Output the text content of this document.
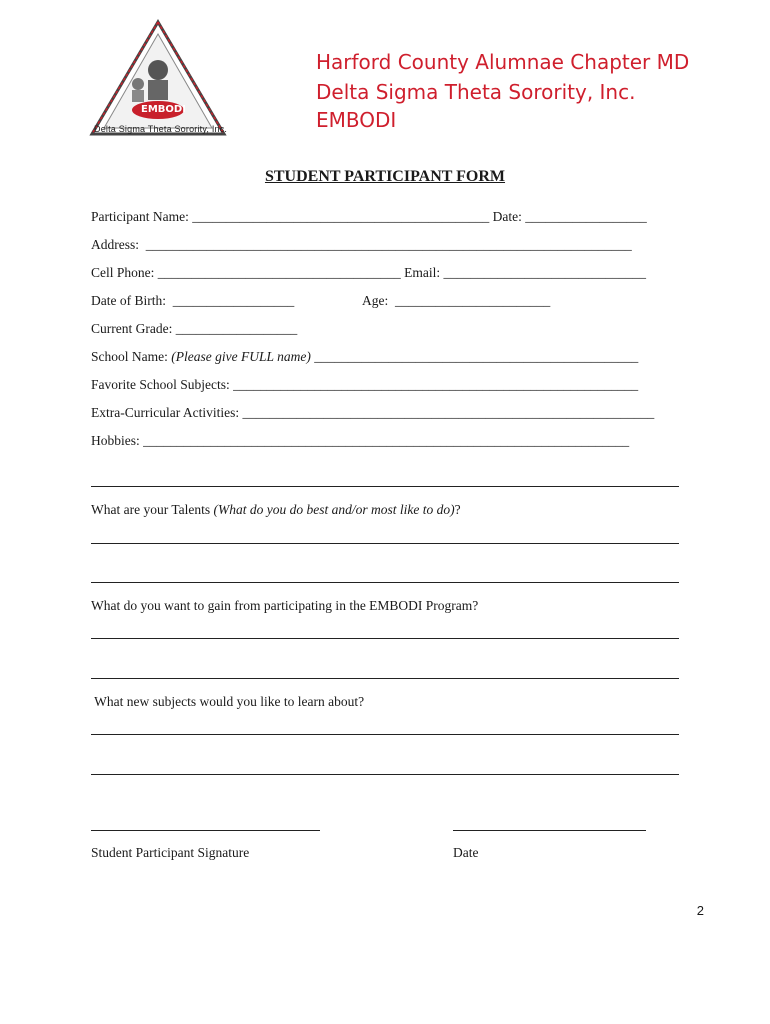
EMBODI
Delta Sigma Theta Sorority, Inc.
Harford County Alumnae Chapter MD
Delta Sigma Theta Sorority, Inc.
EMBODI
STUDENT PARTICIPANT FORM
Participant Name: ____________________________________________ Date: __________________
Address:  ________________________________________________________________________
Cell Phone: ____________________________________ Email: ______________________________
Date of Birth:  __________________	Age:  _______________________
Current Grade: __________________
School Name: (Please give FULL name) ________________________________________________
Favorite School Subjects: ____________________________________________________________
Extra-Curricular Activities: _____________________________________________________________
Hobbies: ________________________________________________________________________
What are your Talents (What do you do best and/or most like to do)?
What do you want to gain from participating in the EMBODI Program?
What new subjects would you like to learn about?
Student Participant Signature	Date
2
